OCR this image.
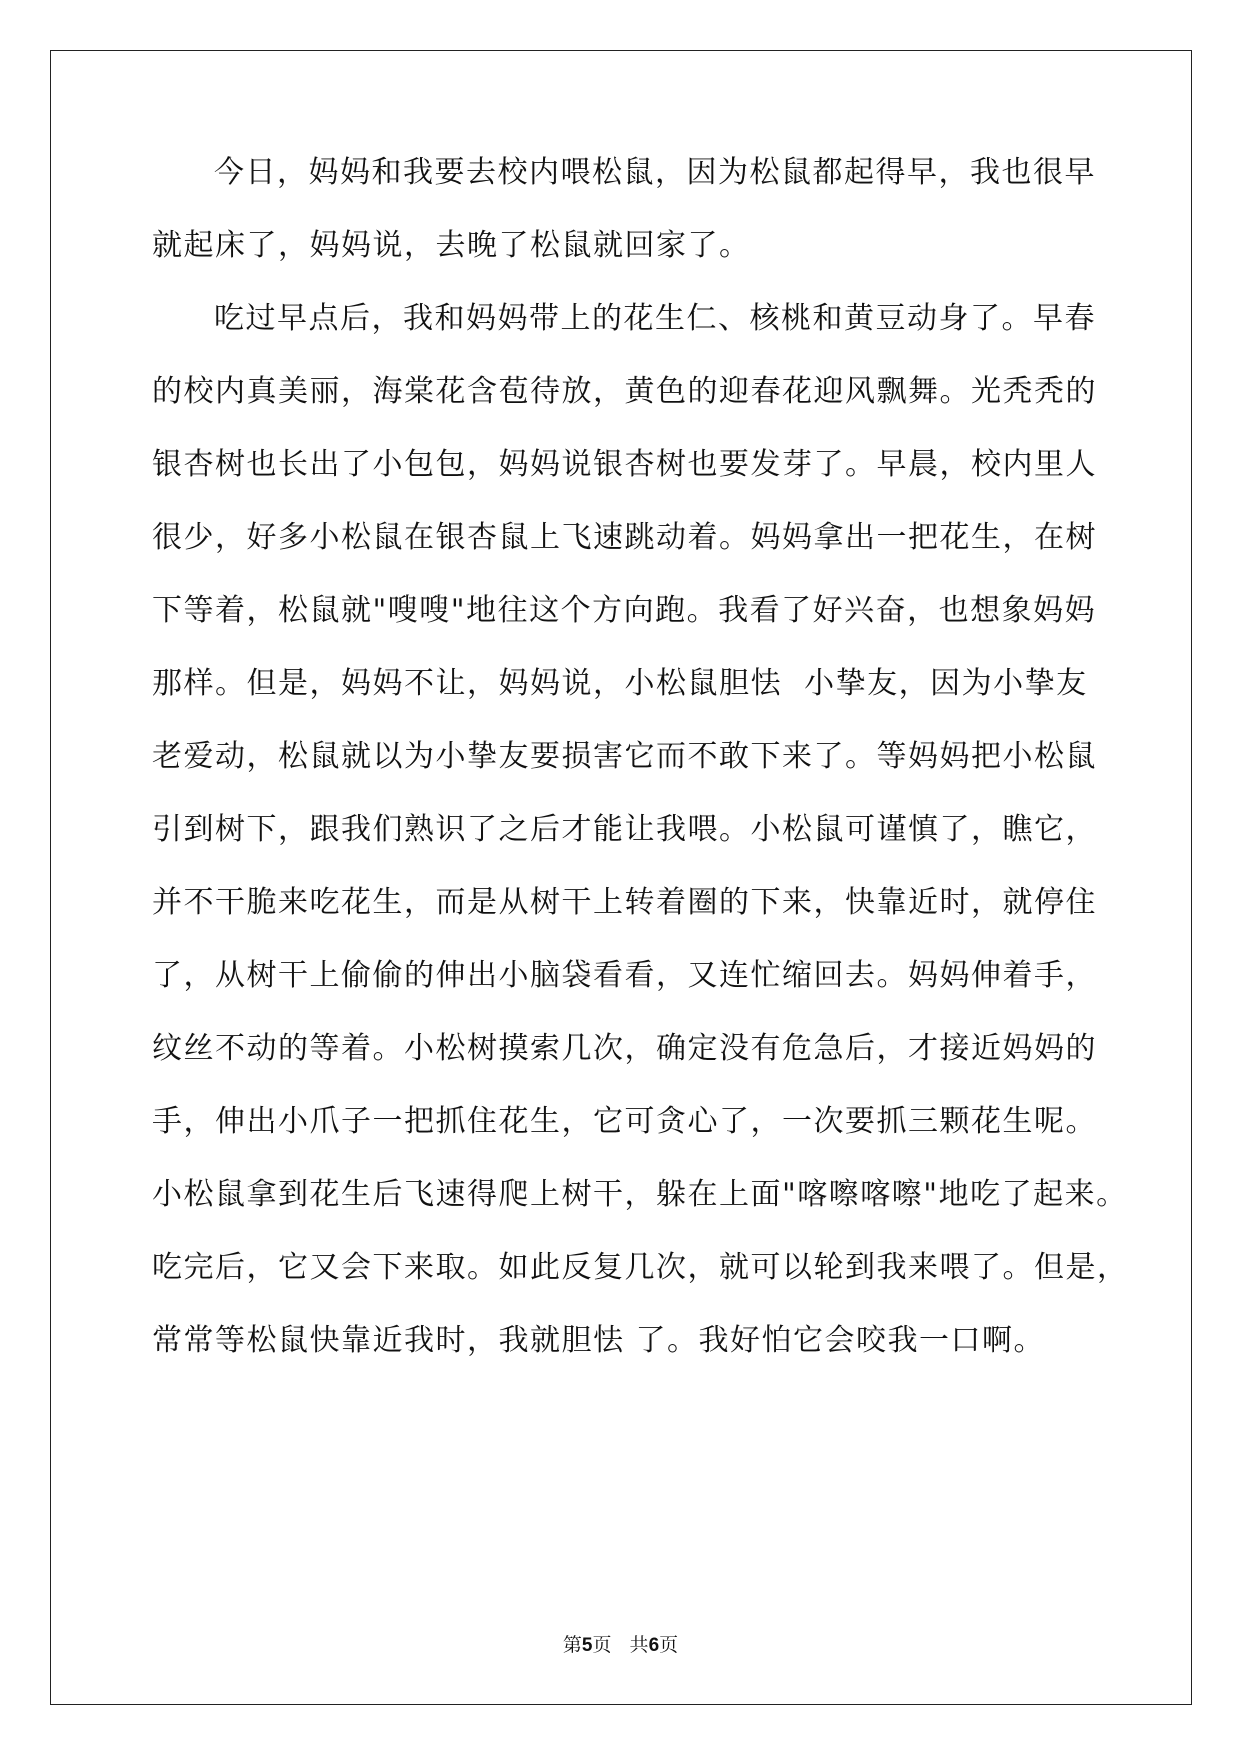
今日，妈妈和我要去校内喂松鼠，因为松鼠都起得早，我也很早

就起床了，妈妈说，去晚了松鼠就回家了。

吃过早点后，我和妈妈带上的花生仁、核桃和黄豆动身了。早春

的校内真美丽，海棠花含苞待放，黄色的迎春花迎风飘舞。光秃秃的

银杏树也长出了小包包，妈妈说银杏树也要发芽了。早晨，校内里人

很少，好多小松鼠在银杏鼠上飞速跳动着。妈妈拿出一把花生，在树

下等着，松鼠就"嗖嗖"地往这个方向跑。我看了好兴奋，也想象妈妈

那样。但是，妈妈不让，妈妈说，小松鼠胆怯  小挚友，因为小挚友

老爱动，松鼠就以为小挚友要损害它而不敢下来了。等妈妈把小松鼠

引到树下，跟我们熟识了之后才能让我喂。小松鼠可谨慎了，瞧它，

并不干脆来吃花生，而是从树干上转着圈的下来，快靠近时，就停住

了，从树干上偷偷的伸出小脑袋看看，又连忙缩回去。妈妈伸着手，

纹丝不动的等着。小松树摸索几次，确定没有危急后，才接近妈妈的

手，伸出小爪子一把抓住花生，它可贪心了，一次要抓三颗花生呢。

小松鼠拿到花生后飞速得爬上树干，躲在上面"喀嚓喀嚓"地吃了起来。

吃完后，它又会下来取。如此反复几次，就可以轮到我来喂了。但是，

常常等松鼠快靠近我时，我就胆怯 了。我好怕它会咬我一口啊。

第5页   共6页
